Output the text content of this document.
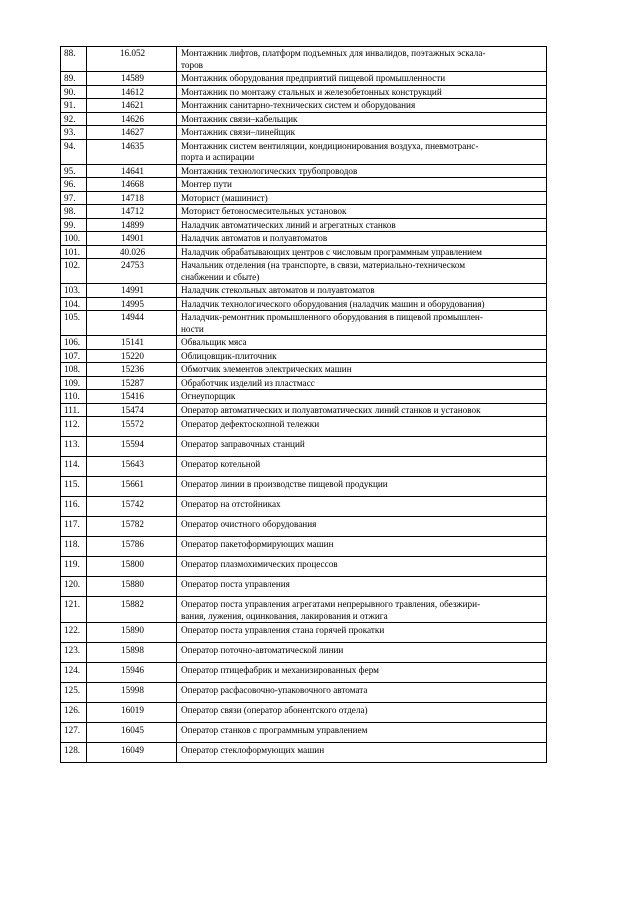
88.	16.052	Монтажник лифтов, платформ подъемных для инвалидов, поэтажных эскала-
торов

89.	14589	Монтажник оборудования предприятий пищевой промышленности

90.	14612	Монтажник по монтажу стальных и железобетонных конструкций

91.	14621	Монтажник санитарно-технических систем и оборудования

92.	14626	Монтажник связи–кабельщик

93.	14627	Монтажник связи–линейщик

94.	14635	Монтажник систем вентиляции, кондиционирования воздуха, пневмотранс-
порта и аспирации

95.	14641	Монтажник технологических трубопроводов

96.	14668	Монтер пути

97.	14718	Моторист (машинист)

98.	14712	Моторист бетоносмесительных установок

99.	14899	Наладчик автоматических линий и агрегатных станков

100.	14901	Наладчик автоматов и полуавтоматов

101.	40.026	Наладчик обрабатывающих центров с числовым программным управлением

102.	24753	Начальник отделения (на транспорте, в связи, материально-техническом
снабжении и сбыте)

103.	14991	Наладчик стекольных автоматов и полуавтоматов

104.	14995	Наладчик технологического оборудования (наладчик машин и оборудования)

105.	14944	Наладчик-ремонтник промышленного оборудования в пищевой промышлен-
ности

106.	15141	Обвальщик мяса

107.	15220	Облицовщик-плиточник

108.	15236	Обмотчик элементов электрических машин

109.	15287	Обработчик изделий из пластмасс

110.	15416	Огнеупорщик

111.	15474	Оператор автоматических и полуавтоматических линий станков и установок

112.	15572	Оператор дефектоскопной тележки

113.	15594	Оператор заправочных станций

114.	15643	Оператор котельной

115.	15661	Оператор линии в производстве пищевой продукции

116.	15742	Оператор на отстойниках

117.	15782	Оператор очистного оборудования

118.	15786	Оператор пакетоформирующих машин

119.	15800	Оператор плазмохимических процессов

120.	15880	Оператор поста управления

121.	15882	Оператор поста управления агрегатами непрерывного травления, обезжири-
вания, лужения, оцинкования, лакирования и отжига

122.	15890	Оператор поста управления стана горячей прокатки

123.	15898	Оператор поточно-автоматической линии

124.	15946	Оператор птицефабрик и механизированных ферм

125.	15998	Оператор расфасовочно-упаковочного автомата

126.	16019	Оператор связи (оператор абонентского отдела)

127.	16045	Оператор станков с программным управлением

128.	16049	Оператор стеклоформующих машин
